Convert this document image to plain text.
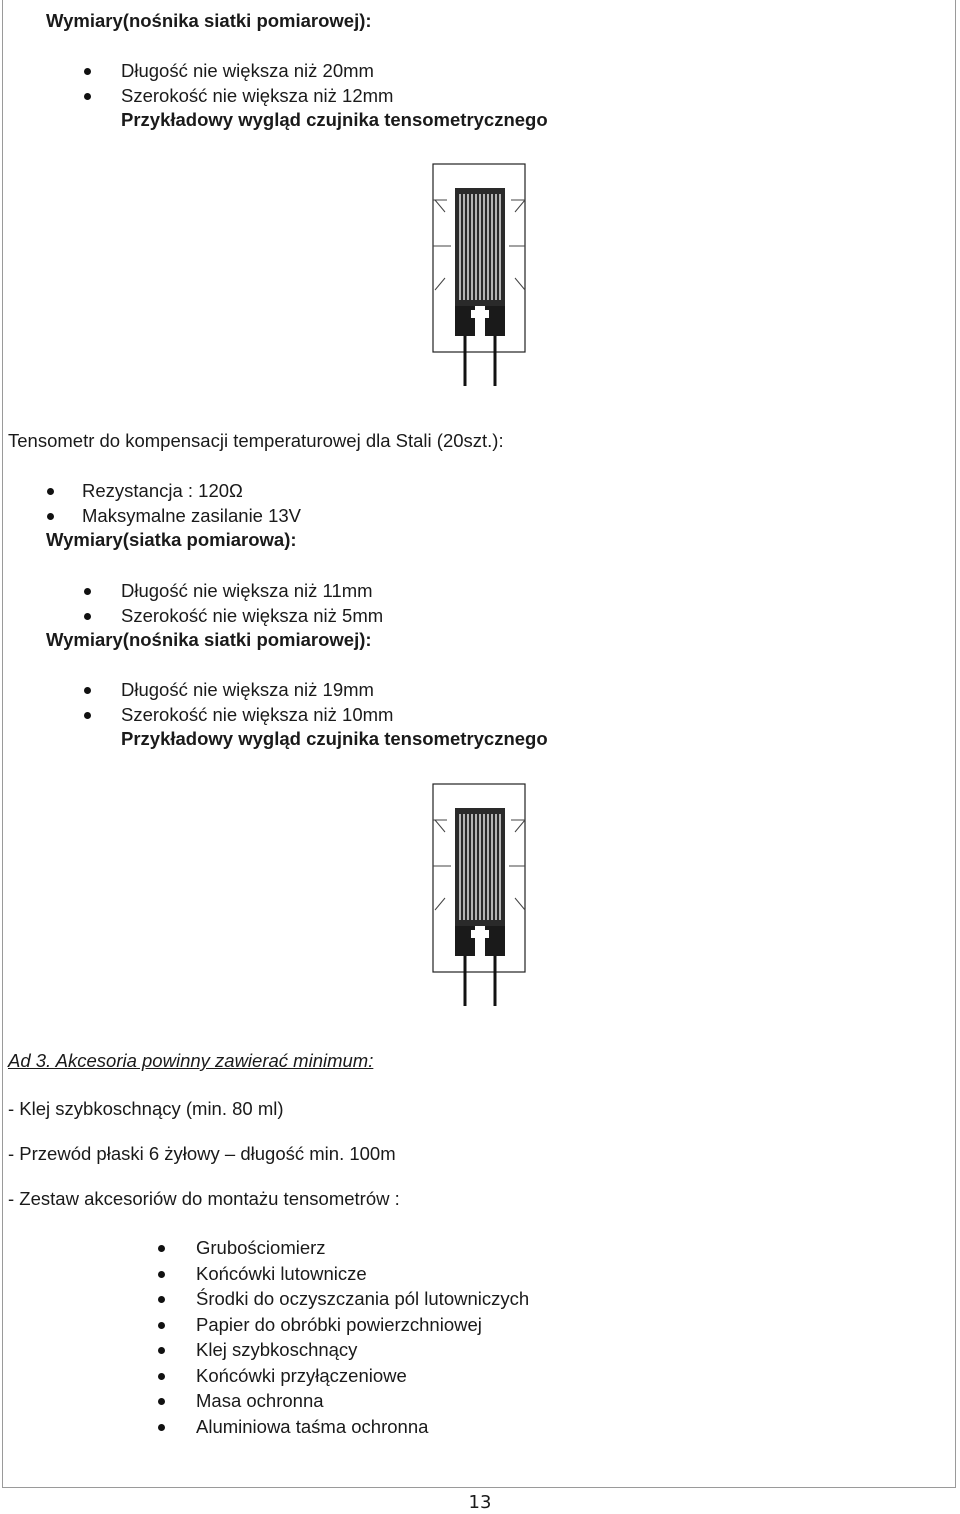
Wymiary(nośnika siatki pomiarowej):
Długość nie większa niż 20mm
Szerokość nie większa niż 12mm
Przykładowy wygląd czujnika tensometrycznego
Tensometr do kompensacji temperaturowej dla Stali (20szt.):
Rezystancja : 120Ω
Maksymalne zasilanie 13V
Wymiary(siatka pomiarowa):
Długość nie większa niż 11mm
Szerokość nie większa niż 5mm
Wymiary(nośnika siatki pomiarowej):
Długość nie większa niż 19mm
Szerokość nie większa niż 10mm
Przykładowy wygląd czujnika tensometrycznego
Ad 3. Akcesoria powinny zawierać minimum:
- Klej szybkoschnący (min. 80 ml)
- Przewód płaski 6 żyłowy – długość min. 100m
- Zestaw akcesoriów do montażu tensometrów :
Grubościomierz
Końcówki lutownicze
Środki do oczyszczania pól lutowniczych
Papier do obróbki powierzchniowej
Klej szybkoschnący
Końcówki przyłączeniowe
Masa ochronna
Aluminiowa taśma ochronna
13
